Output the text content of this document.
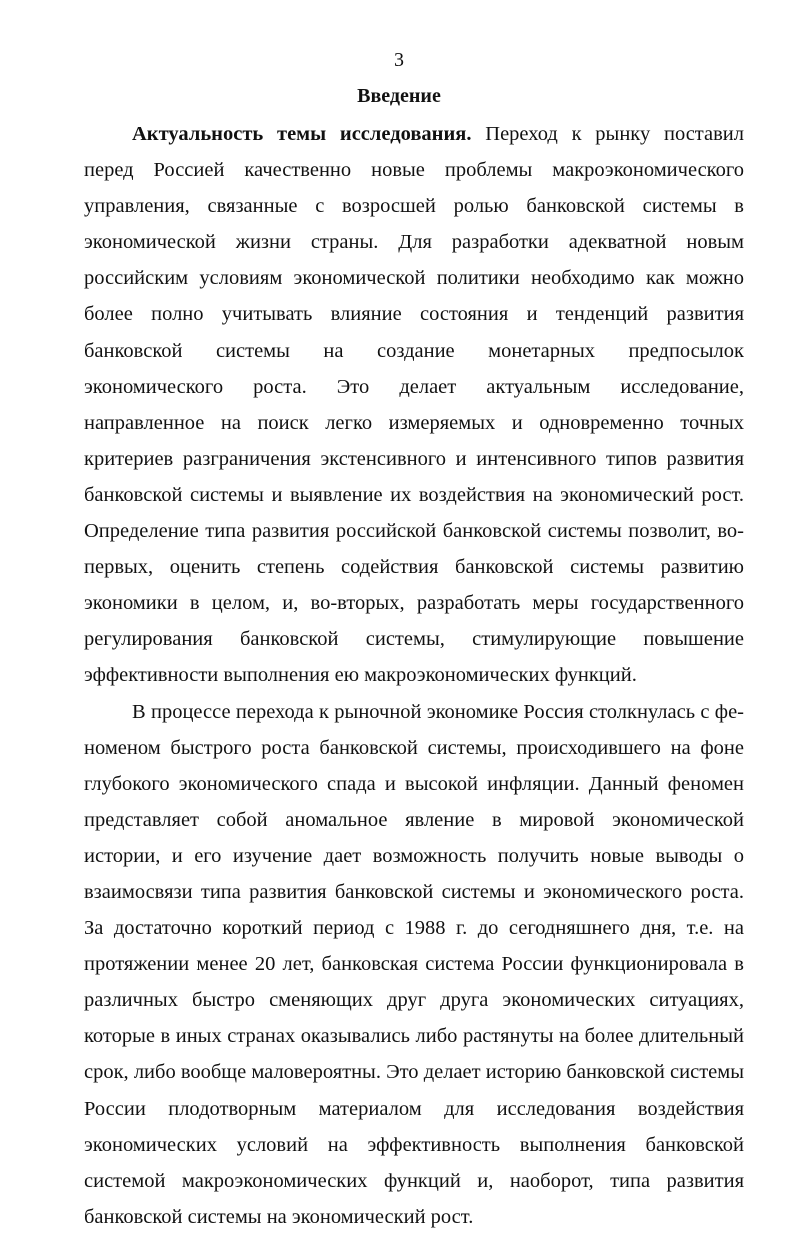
3
Введение

Актуальность темы исследования. Переход к рынку поставил перед Россией качественно новые проблемы макроэкономического управления, связанные с возросшей ролью банковской системы в экономической жизни страны. Для разработки адекватной новым российским условиям экономической политики необходимо как можно более полно учитывать влияние состояния и тенденций развития банковской системы на создание монетарных предпосылок экономического роста. Это делает актуальным исследование, направленное на поиск легко измеряемых и одновременно точных критериев разграничения экстенсивного и интенсивного типов развития банковской системы и выявление их воздействия на экономический рост. Определение типа развития российской банковской системы позволит, во-первых, оценить степень содействия банковской системы развитию экономики в целом, и, во-вторых, разработать меры государственного регулирования банковской системы, стимулирующие повышение эффективности выполнения ею макроэкономических функций.

В процессе перехода к рыночной экономике Россия столкнулась с феноменом быстрого роста банковской системы, происходившего на фоне глубокого экономического спада и высокой инфляции. Данный феномен представляет собой аномальное явление в мировой экономической истории, и его изучение дает возможность получить новые выводы о взаимосвязи типа развития банковской системы и экономического роста. За достаточно короткий период с 1988 г. до сегодняшнего дня, т.е. на протяжении менее 20 лет, банковская система России функционировала в различных быстро сменяющих друг друга экономических ситуациях, которые в иных странах оказывались либо растянуты на более длительный срок, либо вообще маловероятны. Это делает историю банковской системы России плодотворным материалом для исследования воздействия экономических условий на эффективность выполнения банковской системой макроэкономических функций и, наоборот, типа развития банковской системы на экономический рост.
